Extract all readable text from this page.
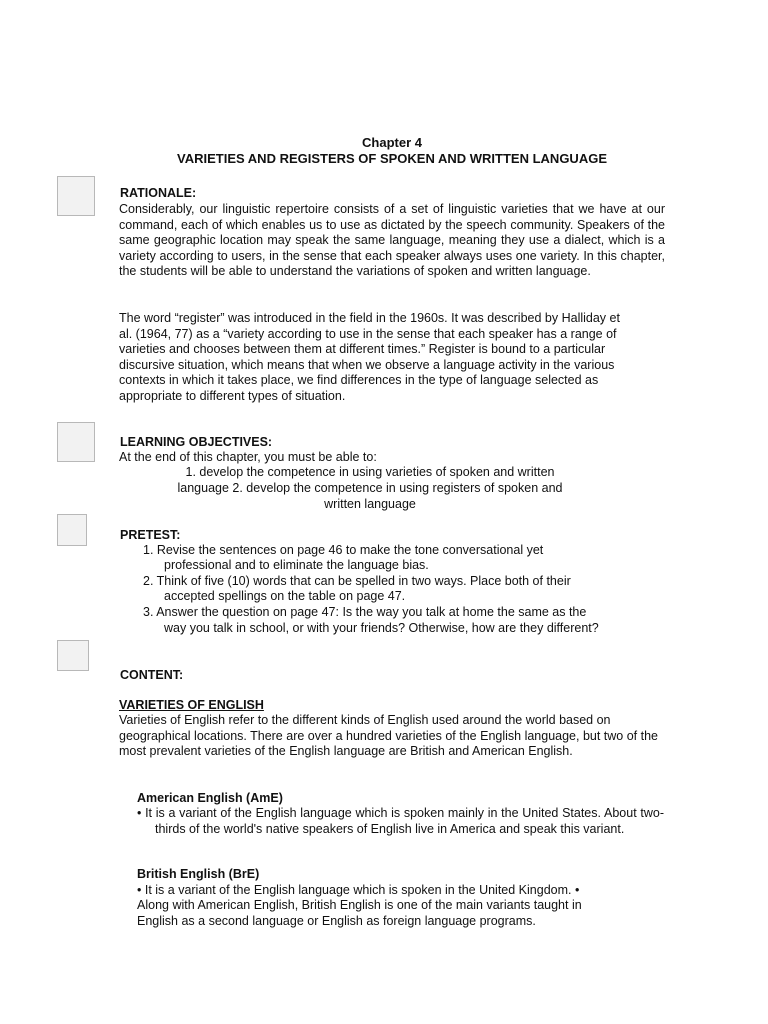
Chapter 4
VARIETIES AND REGISTERS OF SPOKEN AND WRITTEN LANGUAGE
RATIONALE:

Considerably, our linguistic repertoire consists of a set of linguistic varieties that we have at our command, each of which enables us to use as dictated by the speech community. Speakers of the same geographic location may speak the same language, meaning they use a dialect, which is a variety according to users, in the sense that each speaker always uses one variety. In this chapter, the students will be able to understand the variations of spoken and written language.

The word “register” was introduced in the field in the 1960s. It was described by Halliday et al. (1964, 77) as a “variety according to use in the sense that each speaker has a range of varieties and chooses between them at different times.” Register is bound to a particular discursive situation, which means that when we observe a language activity in the various contexts in which it takes place, we find differences in the type of language selected as appropriate to different types of situation.

LEARNING OBJECTIVES:
At the end of this chapter, you must be able to:
1. develop the competence in using varieties of spoken and written
language 2. develop the competence in using registers of spoken and
written language
PRETEST:
1. Revise the sentences on page 46 to make the tone conversational yet
professional and to eliminate the language bias.
2. Think of five (10) words that can be spelled in two ways. Place both of their
accepted spellings on the table on page 47.
3. Answer the question on page 47: Is the way you talk at home the same as the
way you talk in school, or with your friends? Otherwise, how are they different?
CONTENT:
VARIETIES OF ENGLISH

Varieties of English refer to the different kinds of English used around the world based on geographical locations. There are over a hundred varieties of the English language, but two of the most prevalent varieties of the English language are British and American English.

American English (AmE)

• It is a variant of the English language which is spoken mainly in the United States. About two-thirds of the world's native speakers of English live in America and speak this variant.

British English (BrE)
• It is a variant of the English language which is spoken in the United Kingdom. •
Along with American English, British English is one of the main variants taught in
English as a second language or English as foreign language programs.
